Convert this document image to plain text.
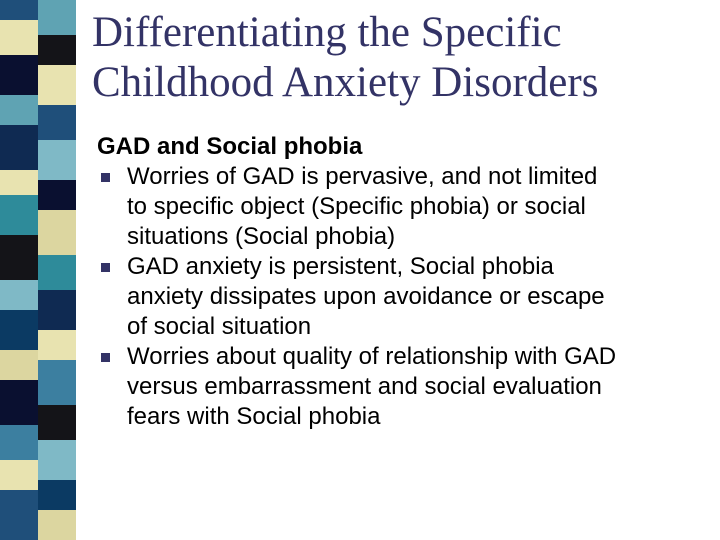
Differentiating the Specific
Childhood Anxiety Disorders

GAD and Social phobia

Worries of GAD is pervasive, and not limited
to specific object (Specific phobia) or social
situations (Social phobia)
GAD anxiety is persistent, Social phobia
anxiety dissipates upon avoidance or escape
of social situation
Worries about quality of relationship with GAD
versus embarrassment and social evaluation
fears with Social phobia
